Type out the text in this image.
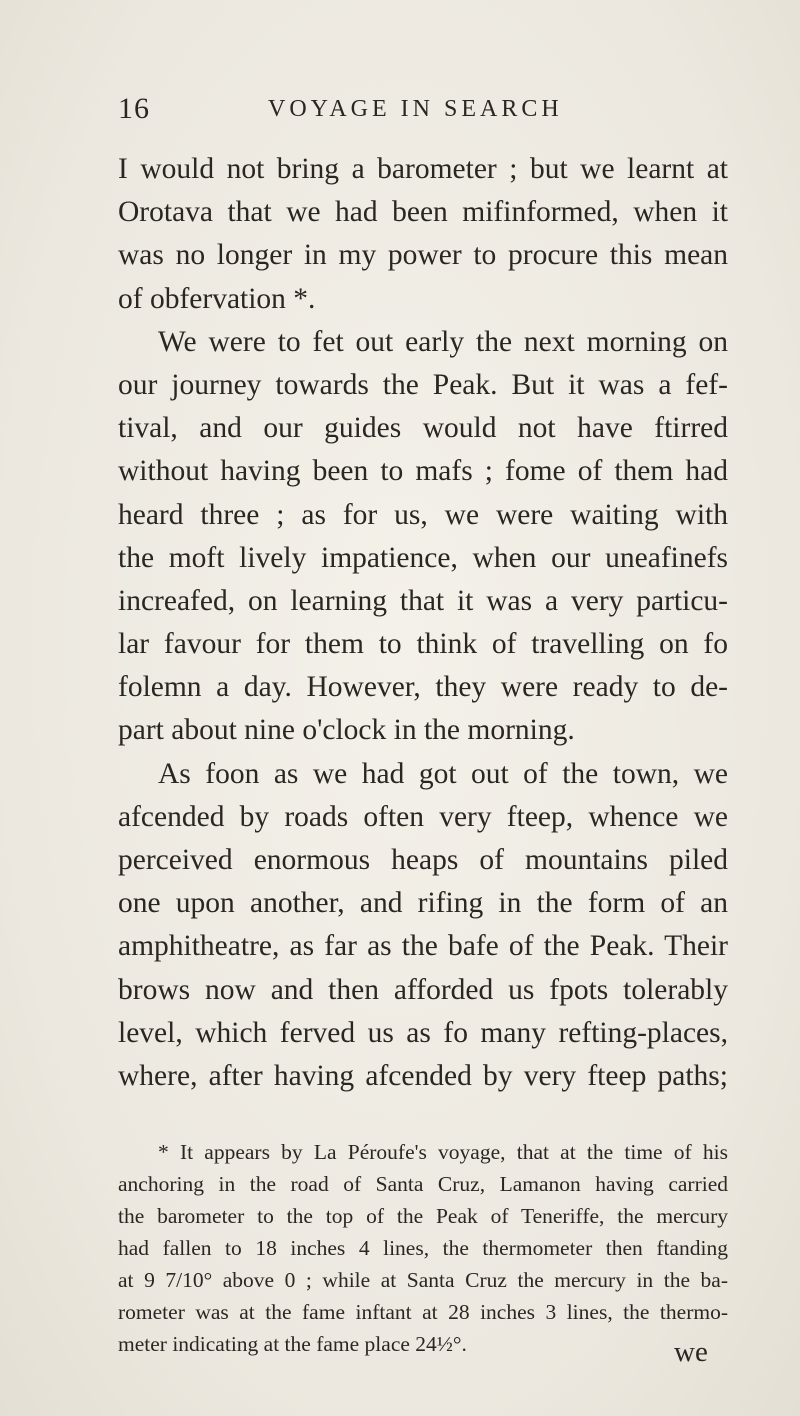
16	VOYAGE IN SEARCH
I would not bring a barometer ; but we learnt at
Orotava that we had been mifinformed, when it
was no longer in my power to procure this mean
of obfervation *.
We were to fet out early the next morning on
our journey towards the Peak. But it was a fef-
tival, and our guides would not have ftirred
without having been to mafs ; fome of them had
heard three ; as for us, we were waiting with
the moft lively impatience, when our uneafinefs
increafed, on learning that it was a very particu-
lar favour for them to think of travelling on fo
folemn a day. However, they were ready to de-
part about nine o'clock in the morning.
As foon as we had got out of the town, we
afcended by roads often very fteep, whence we
perceived enormous heaps of mountains piled
one upon another, and rifing in the form of an
amphitheatre, as far as the bafe of the Peak. Their
brows now and then afforded us fpots tolerably
level, which ferved us as fo many refting-places,
where, after having afcended by very fteep paths;
* It appears by La Péroufe's voyage, that at the time of his
anchoring in the road of Santa Cruz, Lamanon having carried
the barometer to the top of the Peak of Teneriffe, the mercury
had fallen to 18 inches 4 lines, the thermometer then ftanding
at 9 7/10° above 0 ; while at Santa Cruz the mercury in the ba-
rometer was at the fame inftant at 28 inches 3 lines, the thermo-
meter indicating at the fame place 24½°.	we
